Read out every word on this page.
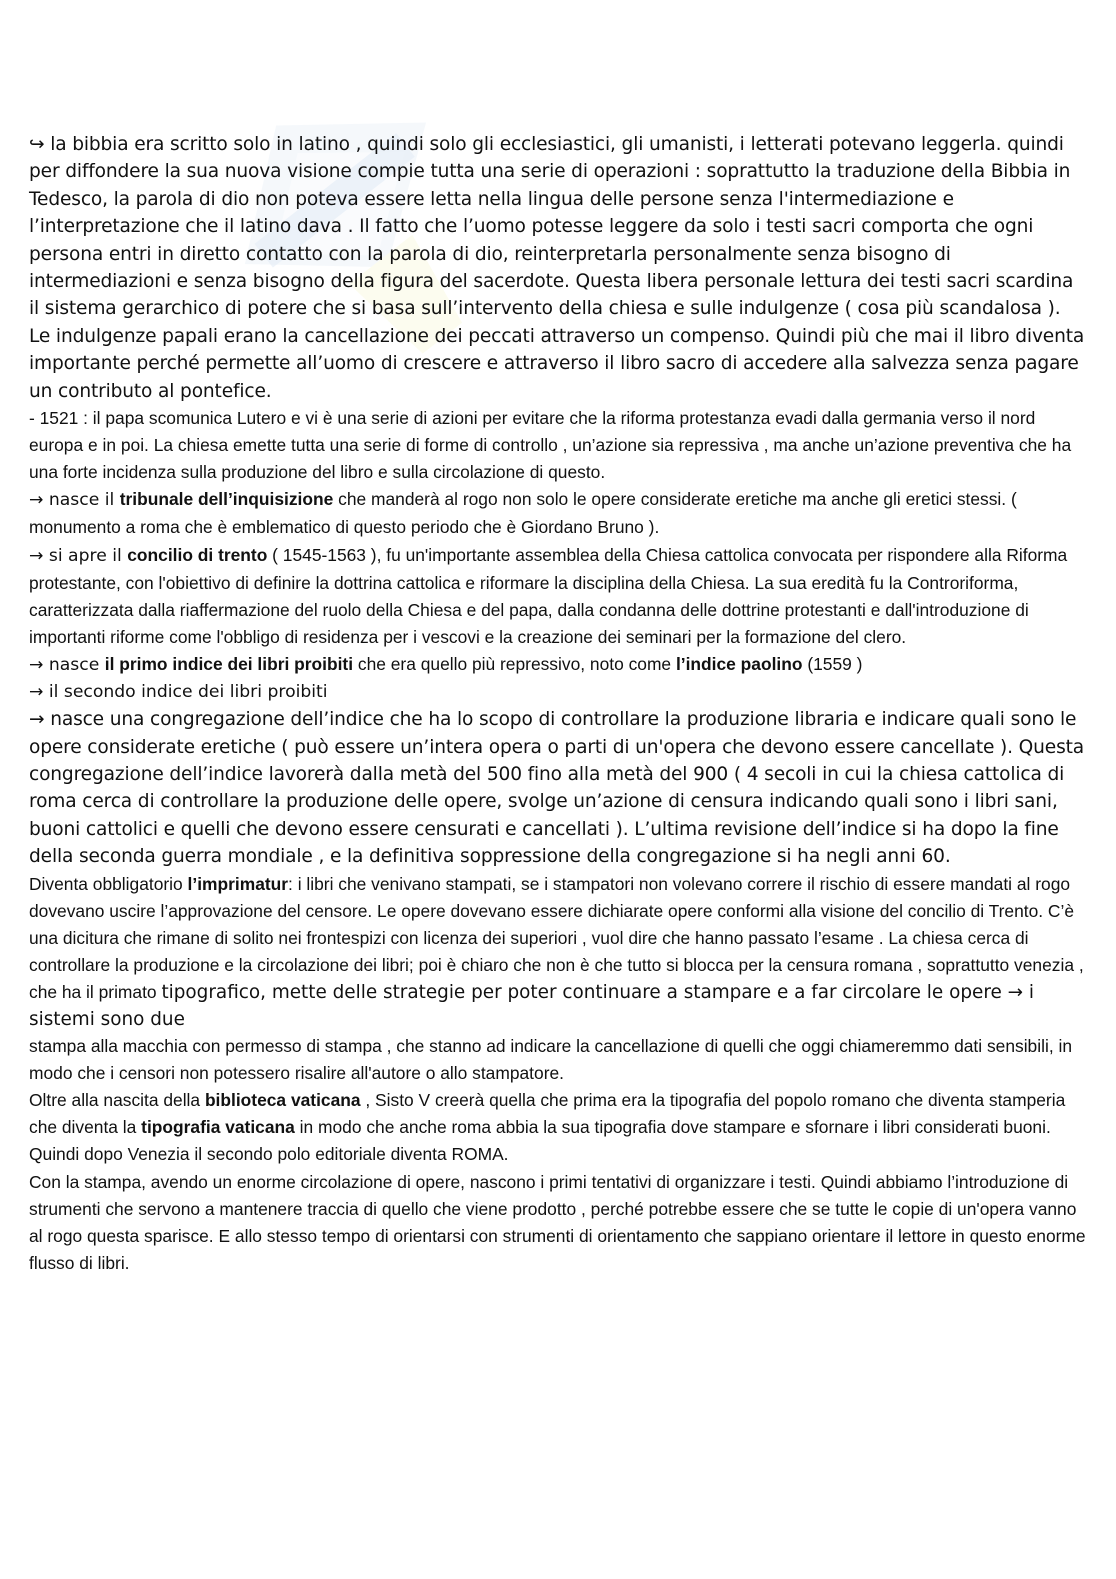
↪ la bibbia era scritto solo in latino , quindi solo gli ecclesiastici, gli umanisti, i letterati potevano leggerla. quindi per diffondere la sua nuova visione compie tutta una serie di operazioni : soprattutto la traduzione della Bibbia in Tedesco, la parola di dio non poteva essere letta nella lingua delle persone senza l'intermediazione e l’interpretazione che il latino dava . Il fatto che l’uomo potesse leggere da solo i testi sacri comporta che ogni persona entri in diretto contatto con la parola di dio, reinterpretarla personalmente senza bisogno di intermediazioni e senza bisogno della figura del sacerdote. Questa libera personale lettura dei testi sacri scardina il sistema gerarchico di potere che si basa sull’intervento della chiesa e sulle indulgenze ( cosa più scandalosa ). Le indulgenze papali erano la cancellazione dei peccati attraverso un compenso. Quindi più che mai il libro diventa importante perché permette all’uomo di crescere e attraverso il libro sacro di accedere alla salvezza senza pagare un contributo al pontefice.

- 1521 : il papa scomunica Lutero e vi è una serie di azioni per evitare che la riforma protestanza evadi dalla germania verso il nord europa e in poi. La chiesa emette tutta una serie di forme di controllo , un’azione sia repressiva , ma anche un’azione preventiva che ha una forte incidenza sulla produzione del libro e sulla circolazione di questo.

→ nasce il tribunale dell’inquisizione che manderà al rogo non solo le opere considerate eretiche ma anche gli eretici stessi. ( monumento a roma che è emblematico di questo periodo che è Giordano Bruno ).

→ si apre il concilio di trento ( 1545-1563 ), fu un'importante assemblea della Chiesa cattolica convocata per rispondere alla Riforma protestante, con l'obiettivo di definire la dottrina cattolica e riformare la disciplina della Chiesa. La sua eredità fu la Controriforma, caratterizzata dalla riaffermazione del ruolo della Chiesa e del papa, dalla condanna delle dottrine protestanti e dall'introduzione di importanti riforme come l'obbligo di residenza per i vescovi e la creazione dei seminari per la formazione del clero.

→ nasce il primo indice dei libri proibiti che era quello più repressivo, noto come l’indice paolino (1559 )

→ il secondo indice dei libri proibiti

→ nasce una congregazione dell’indice che ha lo scopo di controllare la produzione libraria e indicare quali sono le opere considerate eretiche ( può essere un’intera opera o parti di un'opera che devono essere cancellate ). Questa congregazione dell’indice lavorerà dalla metà del 500 fino alla metà del 900 ( 4 secoli in cui la chiesa cattolica di roma cerca di controllare la produzione delle opere, svolge un’azione di censura indicando quali sono i libri sani, buoni cattolici e quelli che devono essere censurati e cancellati ). L’ultima revisione dell’indice si ha dopo la fine della seconda guerra mondiale , e la definitiva soppressione della congregazione si ha negli anni 60.

Diventa obbligatorio l’imprimatur: i libri che venivano stampati, se i stampatori non volevano correre il rischio di essere mandati al rogo dovevano uscire l’approvazione del censore. Le opere dovevano essere dichiarate opere conformi alla visione del concilio di Trento. C’è una dicitura che rimane di solito nei frontespizi con licenza dei superiori , vuol dire che hanno passato l’esame . La chiesa cerca di controllare la produzione e la circolazione dei libri; poi è chiaro che non è che tutto si blocca per la censura romana , soprattutto venezia , che ha il primato tipografico, mette delle strategie per poter continuare a stampare e a far circolare le opere → i sistemi sono due

stampa alla macchia con permesso di stampa , che stanno ad indicare la cancellazione di quelli che oggi chiameremmo dati sensibili, in modo che i censori non potessero risalire all'autore o allo stampatore.

Oltre alla nascita della biblioteca vaticana , Sisto V creerà quella che prima era la tipografia del popolo romano che diventa stamperia che diventa la tipografia vaticana in modo che anche roma abbia la sua tipografia dove stampare e sfornare i libri considerati buoni. Quindi dopo Venezia il secondo polo editoriale diventa ROMA.

Con la stampa, avendo un enorme circolazione di opere, nascono i primi tentativi di organizzare i testi. Quindi abbiamo l’introduzione di strumenti che servono a mantenere traccia di quello che viene prodotto , perché potrebbe essere che se tutte le copie di un'opera vanno al rogo questa sparisce. E allo stesso tempo di orientarsi con strumenti di orientamento che sappiano orientare il lettore in questo enorme flusso di libri.
